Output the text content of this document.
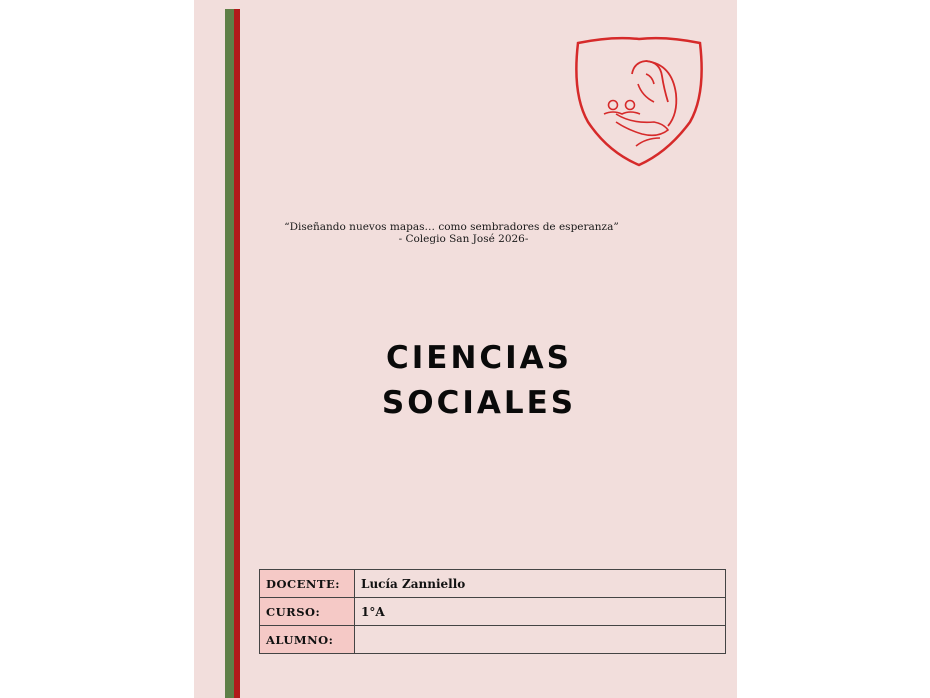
“Diseñando nuevos mapas… como sembradores de esperanza”
- Colegio San José 2026-
CIENCIAS
SOCIALES
DOCENTE:	Lucía Zanniello
CURSO:	1°A
ALUMNO:	
